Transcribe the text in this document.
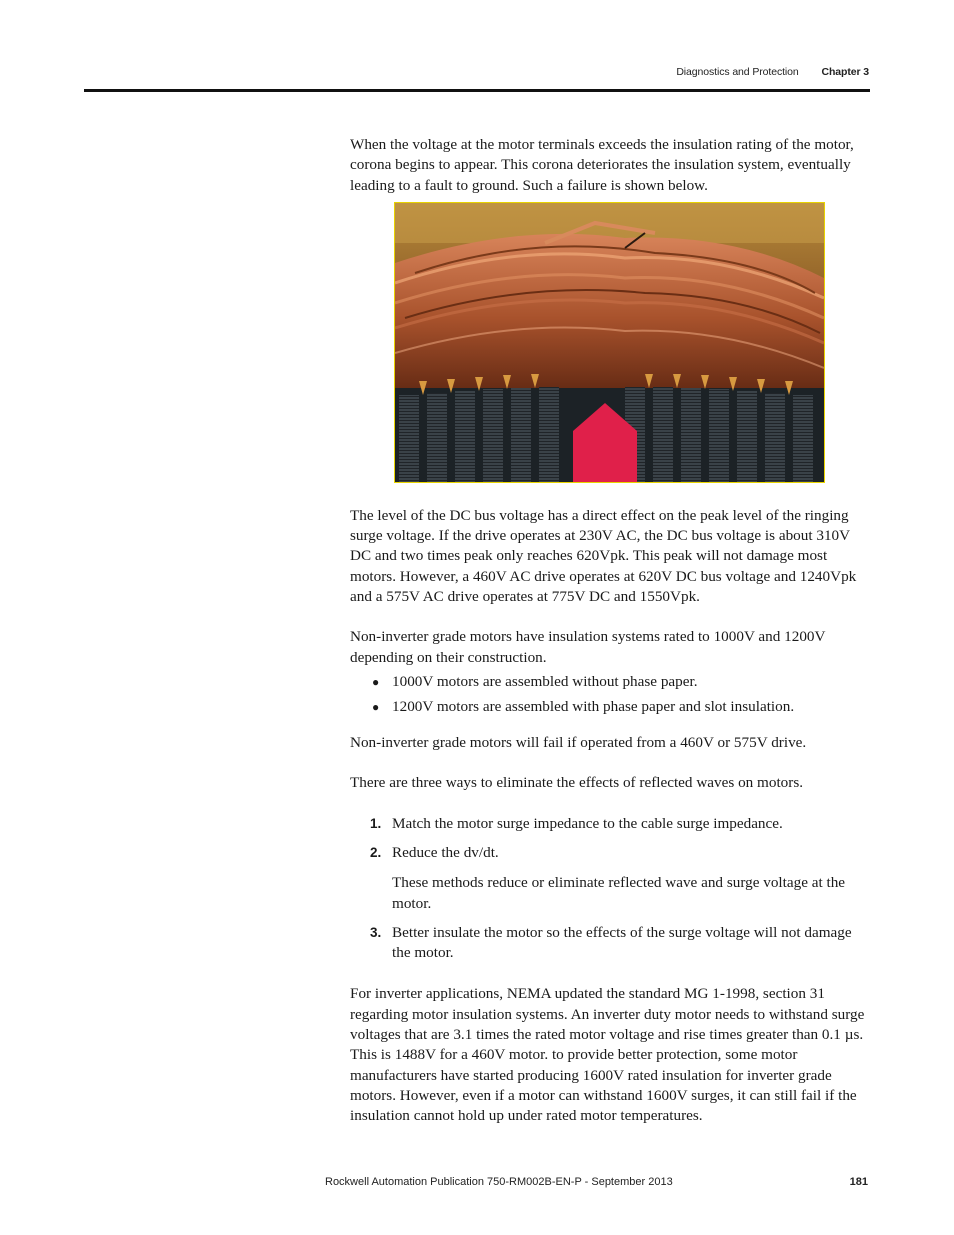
Diagnostics and Protection Chapter 3

When the voltage at the motor terminals exceeds the insulation rating of the motor, corona begins to appear. This corona deteriorates the insulation system, eventually leading to a fault to ground. Such a failure is shown below.

The level of the DC bus voltage has a direct effect on the peak level of the ringing surge voltage. If the drive operates at 230V AC, the DC bus voltage is about 310V DC and two times peak only reaches 620Vpk. This peak will not damage most motors. However, a 460V AC drive operates at 620V DC bus voltage and 1240Vpk and a 575V AC drive operates at 775V DC and 1550Vpk.

Non-inverter grade motors have insulation systems rated to 1000V and 1200V depending on their construction.

● 1000V motors are assembled without phase paper.
● 1200V motors are assembled with phase paper and slot insulation.

Non-inverter grade motors will fail if operated from a 460V or 575V drive.

There are three ways to eliminate the effects of reflected waves on motors.

1. Match the motor surge impedance to the cable surge impedance.
2. Reduce the dv/dt.
These methods reduce or eliminate reflected wave and surge voltage at the motor.
3. Better insulate the motor so the effects of the surge voltage will not damage the motor.

For inverter applications, NEMA updated the standard MG 1-1998, section 31 regarding motor insulation systems. An inverter duty motor needs to withstand surge voltages that are 3.1 times the rated motor voltage and rise times greater than 0.1 µs. This is 1488V for a 460V motor. to provide better protection, some motor manufacturers have started producing 1600V rated insulation for inverter grade motors. However, even if a motor can withstand 1600V surges, it can still fail if the insulation cannot hold up under rated motor temperatures.

Rockwell Automation Publication 750-RM002B-EN-P - September 2013	181
